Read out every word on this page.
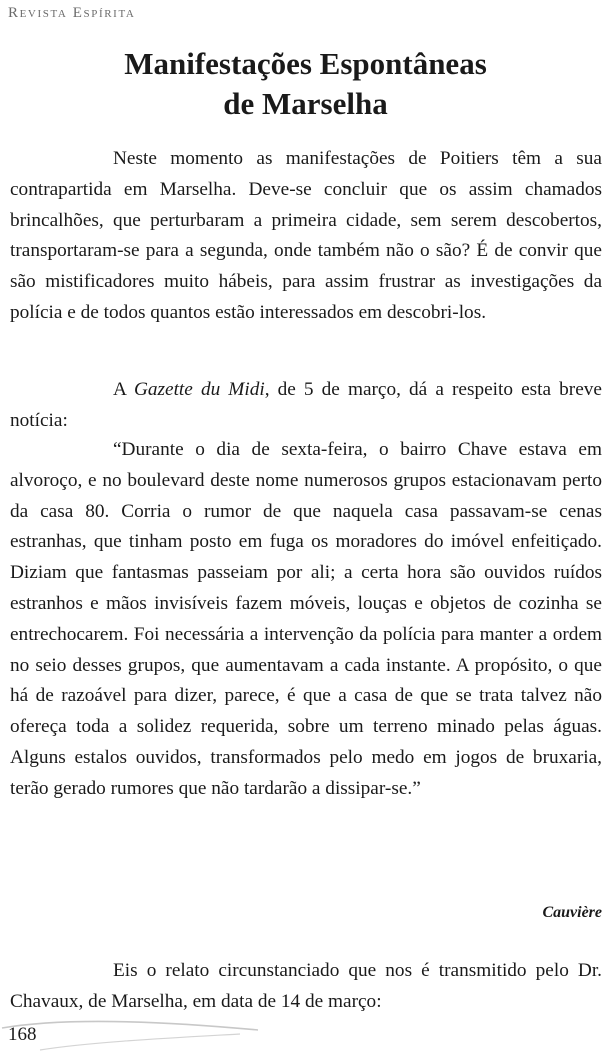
Revista Espírita
Manifestações Espontâneas
de Marselha

Neste momento as manifestações de Poitiers têm a sua contrapartida em Marselha. Deve-se concluir que os assim chamados brincalhões, que perturbaram a primeira cidade, sem serem descobertos, transportaram-se para a segunda, onde também não o são? É de convir que são mistificadores muito hábeis, para assim frustrar as investigações da polícia e de todos quantos estão interessados em descobri-los.

A Gazette du Midi, de 5 de março, dá a respeito esta breve notícia:

“Durante o dia de sexta-feira, o bairro Chave estava em alvoroço, e no boulevard deste nome numerosos grupos estacionavam perto da casa 80. Corria o rumor de que naquela casa passavam-se cenas estranhas, que tinham posto em fuga os moradores do imóvel enfeitiçado. Diziam que fantasmas passeiam por ali; a certa hora são ouvidos ruídos estranhos e mãos invisíveis fazem móveis, louças e objetos de cozinha se entrechocarem. Foi necessária a intervenção da polícia para manter a ordem no seio desses grupos, que aumentavam a cada instante. A propósito, o que há de razoável para dizer, parece, é que a casa de que se trata talvez não ofereça toda a solidez requerida, sobre um terreno minado pelas águas. Alguns estalos ouvidos, transformados pelo medo em jogos de bruxaria, terão gerado rumores que não tardarão a dissipar-se.”

Cauvière

Eis o relato circunstanciado que nos é transmitido pelo Dr. Chavaux, de Marselha, em data de 14 de março:

168
